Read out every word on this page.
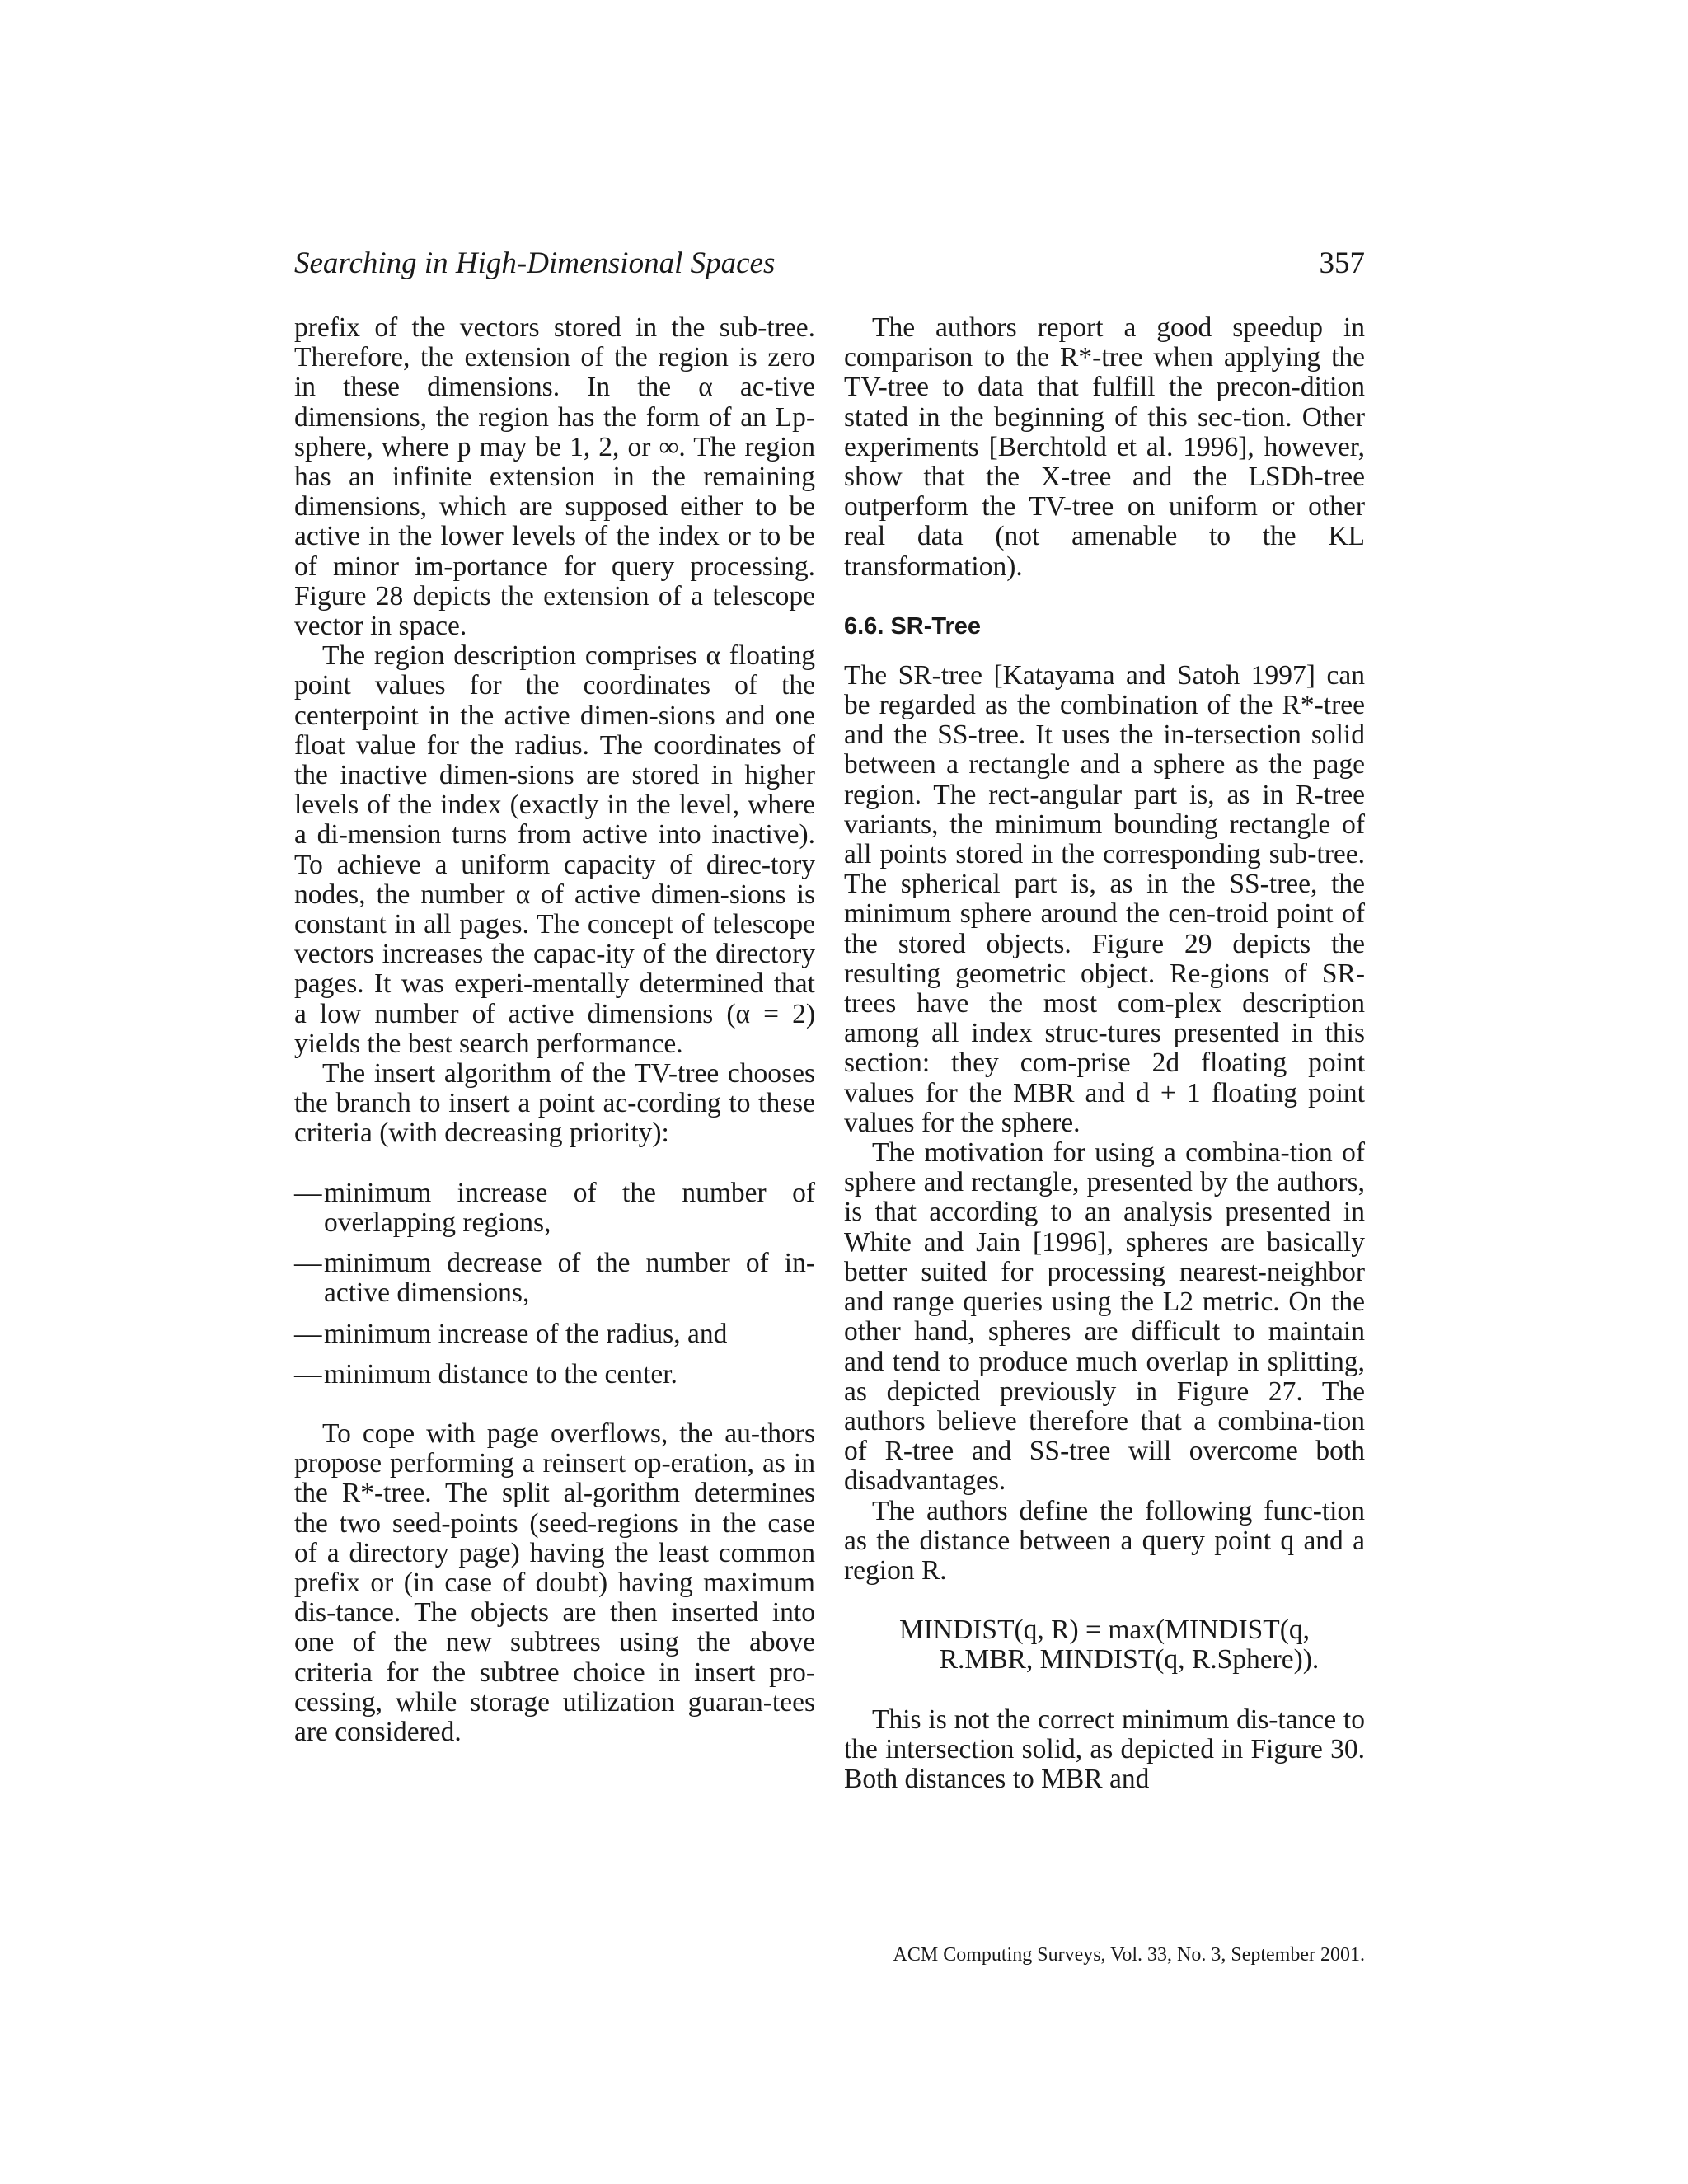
Searching in High-Dimensional Spaces	357

prefix of the vectors stored in the sub-tree. Therefore, the extension of the region is zero in these dimensions. In the α ac-tive dimensions, the region has the form of an Lp-sphere, where p may be 1, 2, or ∞. The region has an infinite extension in the remaining dimensions, which are supposed either to be active in the lower levels of the index or to be of minor im-portance for query processing. Figure 28 depicts the extension of a telescope vector in space.

The region description comprises α floating point values for the coordinates of the centerpoint in the active dimen-sions and one float value for the radius. The coordinates of the inactive dimen-sions are stored in higher levels of the index (exactly in the level, where a di-mension turns from active into inactive). To achieve a uniform capacity of direc-tory nodes, the number α of active dimen-sions is constant in all pages. The concept of telescope vectors increases the capac-ity of the directory pages. It was experi-mentally determined that a low number of active dimensions (α = 2) yields the best search performance.

The insert algorithm of the TV-tree chooses the branch to insert a point ac-cording to these criteria (with decreasing priority):

— minimum increase of the number of overlapping regions,
— minimum decrease of the number of in-active dimensions,
— minimum increase of the radius, and
— minimum distance to the center.

To cope with page overflows, the au-thors propose performing a reinsert op-eration, as in the R*-tree. The split al-gorithm determines the two seed-points (seed-regions in the case of a directory page) having the least common prefix or (in case of doubt) having maximum dis-tance. The objects are then inserted into one of the new subtrees using the above criteria for the subtree choice in insert pro-cessing, while storage utilization guaran-tees are considered.

The authors report a good speedup in comparison to the R*-tree when applying the TV-tree to data that fulfill the precon-dition stated in the beginning of this sec-tion. Other experiments [Berchtold et al. 1996], however, show that the X-tree and the LSDh-tree outperform the TV-tree on uniform or other real data (not amenable to the KL transformation).

6.6. SR-Tree

The SR-tree [Katayama and Satoh 1997] can be regarded as the combination of the R*-tree and the SS-tree. It uses the in-tersection solid between a rectangle and a sphere as the page region. The rect-angular part is, as in R-tree variants, the minimum bounding rectangle of all points stored in the corresponding sub-tree. The spherical part is, as in the SS-tree, the minimum sphere around the cen-troid point of the stored objects. Figure 29 depicts the resulting geometric object. Re-gions of SR-trees have the most com-plex description among all index struc-tures presented in this section: they com-prise 2d floating point values for the MBR and d + 1 floating point values for the sphere.

The motivation for using a combina-tion of sphere and rectangle, presented by the authors, is that according to an analysis presented in White and Jain [1996], spheres are basically better suited for processing nearest-neighbor and range queries using the L2 metric. On the other hand, spheres are difficult to maintain and tend to produce much overlap in splitting, as depicted previously in Figure 27. The authors believe therefore that a combina-tion of R-tree and SS-tree will overcome both disadvantages.

The authors define the following func-tion as the distance between a query point q and a region R.

MINDIST(q, R) = max(MINDIST(q,
R.MBR, MINDIST(q, R.Sphere)).

This is not the correct minimum dis-tance to the intersection solid, as depicted in Figure 30. Both distances to MBR and

ACM Computing Surveys, Vol. 33, No. 3, September 2001.
